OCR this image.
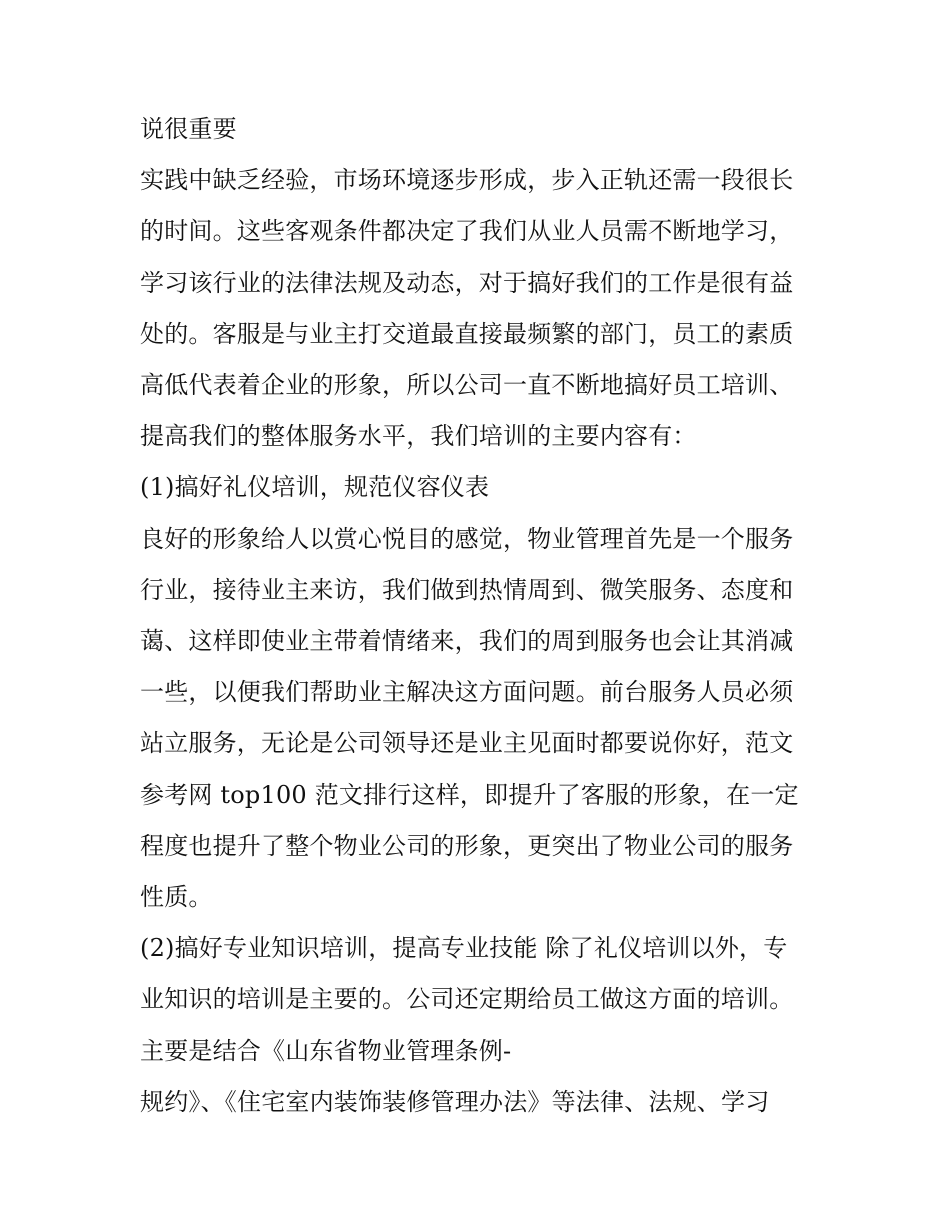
说很重要
实践中缺乏经验，市场环境逐步形成，步入正轨还需一段很长
的时间。这些客观条件都决定了我们从业人员需不断地学习，
学习该行业的法律法规及动态，对于搞好我们的工作是很有益
处的。客服是与业主打交道最直接最频繁的部门，员工的素质
高低代表着企业的形象，所以公司一直不断地搞好员工培训、
提高我们的整体服务水平，我们培训的主要内容有：
(1)搞好礼仪培训，规范仪容仪表
良好的形象给人以赏心悦目的感觉，物业管理首先是一个服务
行业，接待业主来访，我们做到热情周到、微笑服务、态度和
蔼、这样即使业主带着情绪来，我们的周到服务也会让其消减
一些，以便我们帮助业主解决这方面问题。前台服务人员必须
站立服务，无论是公司领导还是业主见面时都要说你好，范文
参考网 top100 范文排行这样，即提升了客服的形象，在一定
程度也提升了整个物业公司的形象，更突出了物业公司的服务
性质。
(2)搞好专业知识培训，提高专业技能 除了礼仪培训以外，专
业知识的培训是主要的。公司还定期给员工做这方面的培训。
主要是结合《山东省物业管理条例-
规约》、《住宅室内装饰装修管理办法》等法律、法规、学习
